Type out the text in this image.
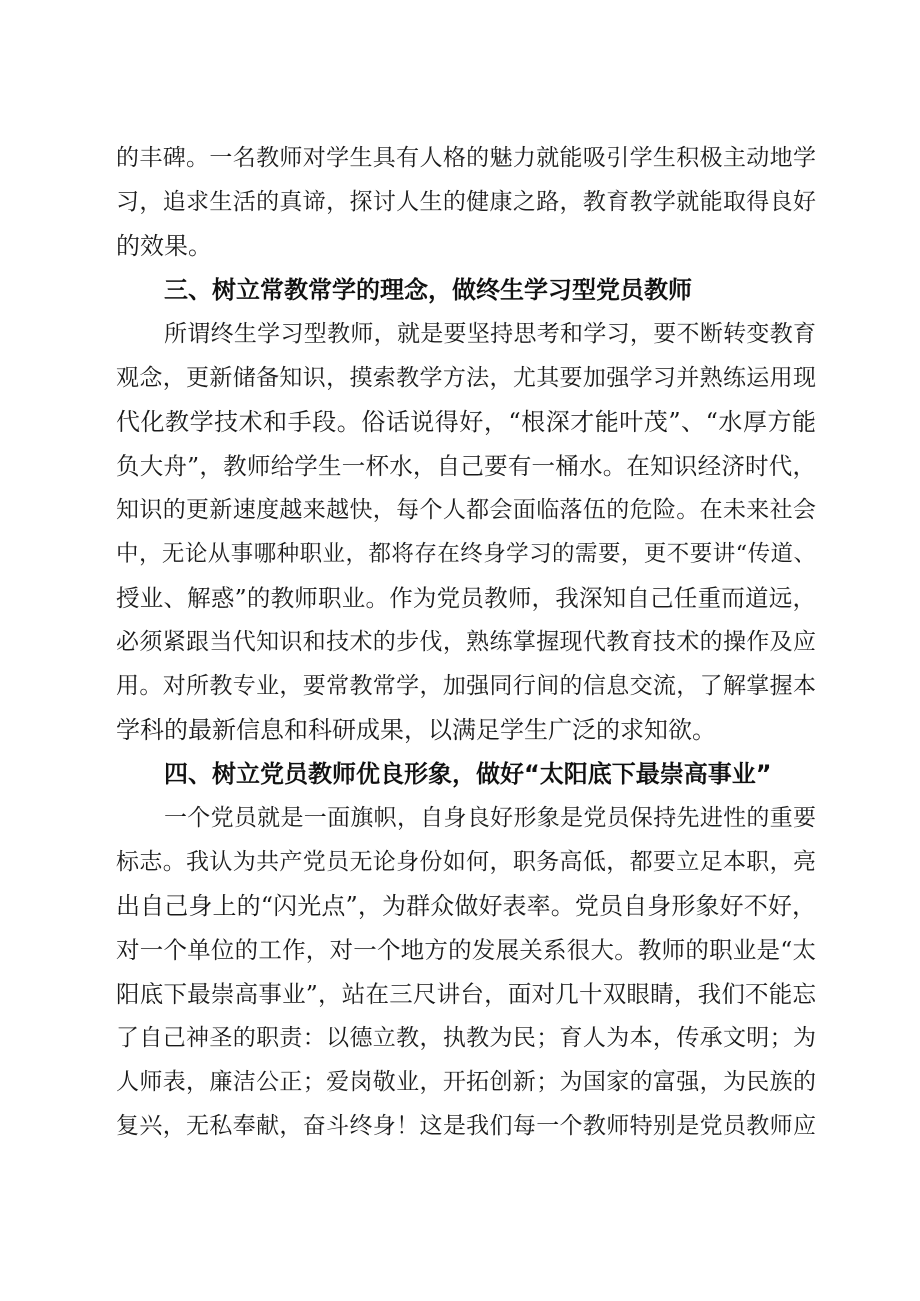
的丰碑。一名教师对学生具有人格的魅力就能吸引学生积极主动地学

习，追求生活的真谛，探讨人生的健康之路，教育教学就能取得良好

的效果。

三、树立常教常学的理念，做终生学习型党员教师

所谓终生学习型教师，就是要坚持思考和学习，要不断转变教育

观念，更新储备知识，摸索教学方法，尤其要加强学习并熟练运用现

代化教学技术和手段。俗话说得好，“根深才能叶茂”、“水厚方能

负大舟”，教师给学生一杯水，自己要有一桶水。在知识经济时代，

知识的更新速度越来越快，每个人都会面临落伍的危险。在未来社会

中，无论从事哪种职业，都将存在终身学习的需要，更不要讲“传道、

授业、解惑”的教师职业。作为党员教师，我深知自己任重而道远，

必须紧跟当代知识和技术的步伐，熟练掌握现代教育技术的操作及应

用。对所教专业，要常教常学，加强同行间的信息交流，了解掌握本

学科的最新信息和科研成果，以满足学生广泛的求知欲。

四、树立党员教师优良形象，做好“太阳底下最崇高事业”

一个党员就是一面旗帜，自身良好形象是党员保持先进性的重要

标志。我认为共产党员无论身份如何，职务高低，都要立足本职，亮

出自己身上的“闪光点”，为群众做好表率。党员自身形象好不好，

对一个单位的工作，对一个地方的发展关系很大。教师的职业是“太

阳底下最崇高事业”，站在三尺讲台，面对几十双眼睛，我们不能忘

了自己神圣的职责：以德立教，执教为民；育人为本，传承文明；为

人师表，廉洁公正；爱岗敬业，开拓创新；为国家的富强，为民族的

复兴，无私奉献，奋斗终身！这是我们每一个教师特别是党员教师应
